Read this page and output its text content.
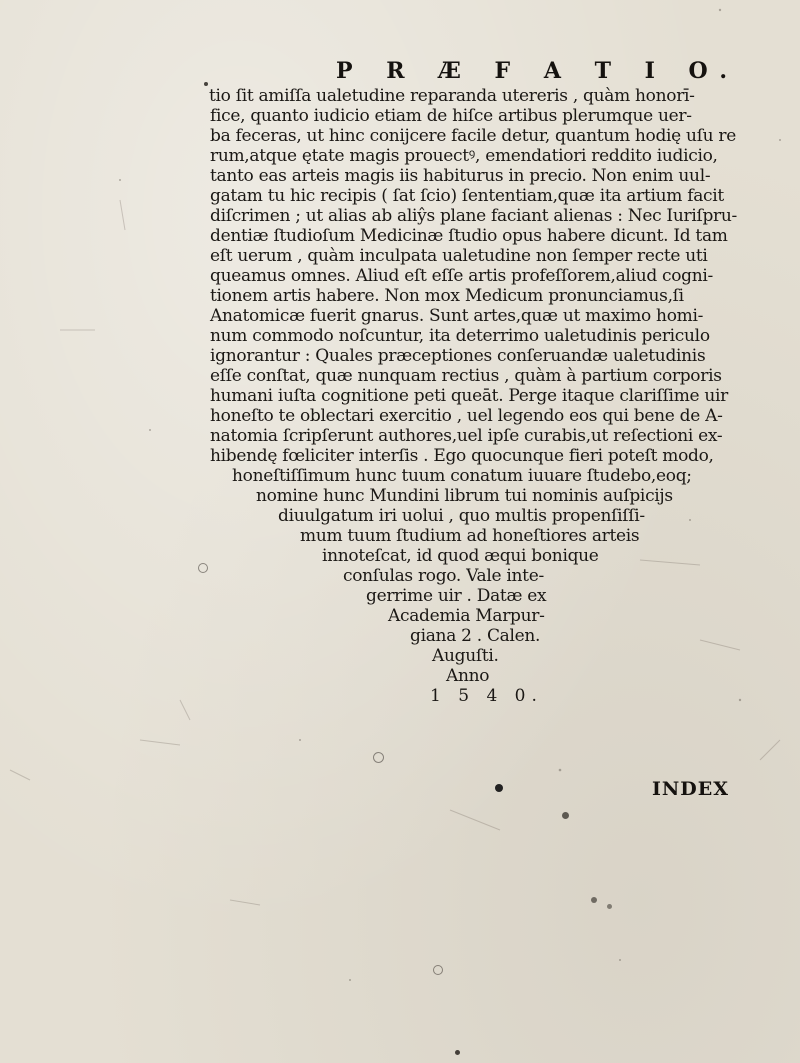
P R Æ F A T I O.
tio ſit amiſſa ualetudine reparanda utereris , quàm honorī-
fice, quanto iudicio etiam de hiſce artibus plerumque uer-
ba feceras, ut hinc conijcere facile detur, quantum hodię uſu re
rum,atque ętate magis prouectꝰ, emendatiori reddito iudicio,
tanto eas arteis magis iis habiturus in precio. Non enim uul-
gatam tu hic recipis ( ſat ſcio) ſententiam,quæ ita artium facit
diſcrimen ; ut alias ab aliŷs plane faciant alienas : Nec Iuriſpru-
dentiæ ſtudioſum Medicinæ ſtudio opus habere dicunt. Id tam
eſt uerum , quàm inculpata ualetudine non ſemper recte uti
queamus omnes. Aliud eſt eſſe artis profeſſorem,aliud cogni-
tionem artis habere. Non mox Medicum pronunciamus,ſi
Anatomicæ fuerit gnarus. Sunt artes,quæ ut maximo homi-
num commodo noſcuntur, ita deterrimo ualetudinis periculo
ignorantur : Quales præceptiones conſeruandæ ualetudinis
eſſe conſtat, quæ nunquam rectius , quàm à partium corporis
humani iuſta cognitione peti queāt. Perge itaque clariſſime uir
honeſto te oblectari exercitio , uel legendo eos qui bene de A-
natomia ſcripſerunt authores,uel ipſe curabis,ut reſectioni ex-
hibendę fœliciter interſis . Ego quocunque fieri poteſt modo,
honeſtiſſimum hunc tuum conatum iuuare ſtudebo,eoq;
nomine hunc Mundini librum tui nominis auſpicijs
diuulgatum iri uolui , quo multis propenſiſſi-
mum tuum ſtudium ad honeſtiores arteis
innoteſcat, id quod æqui bonique
conſulas rogo. Vale inte-
gerrime uir . Datæ ex
Academia Marpur-
giana 2 . Calen.
Auguſti.
Anno
1 5 4 0.
INDEX
